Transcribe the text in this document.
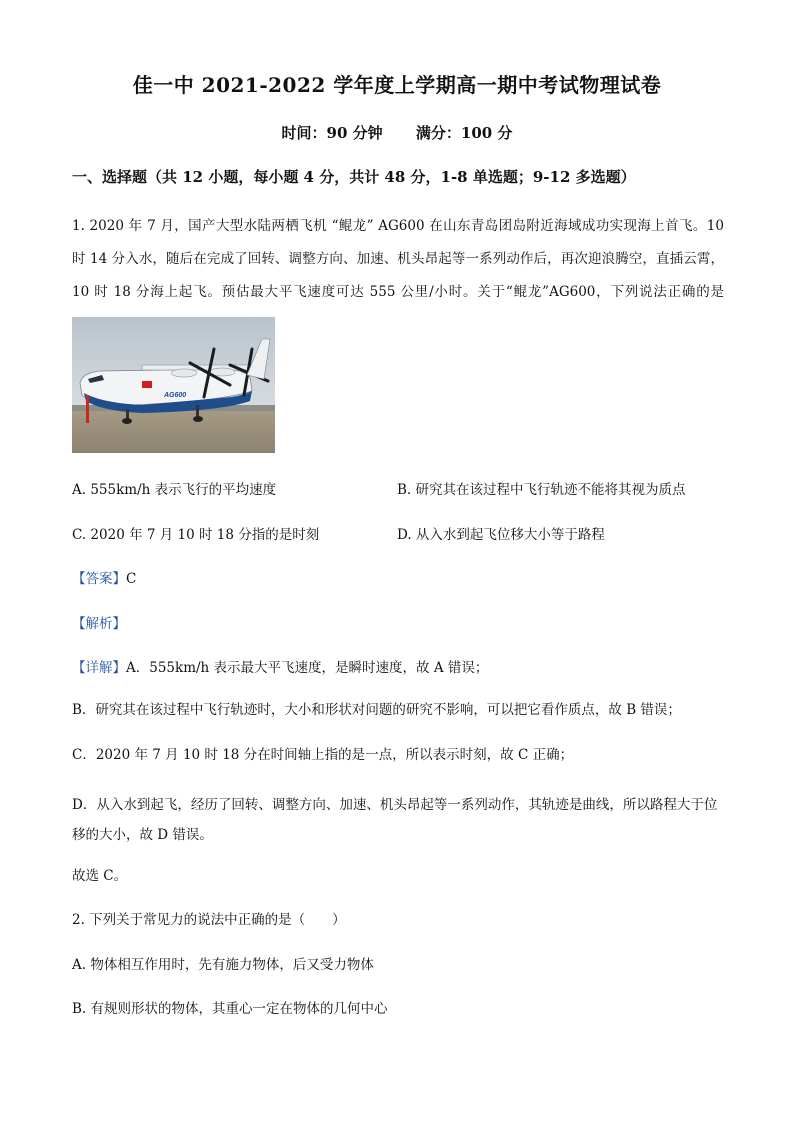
佳一中 2021-2022 学年度上学期高一期中考试物理试卷
时间：90 分钟 满分：100 分
一、选择题（共 12 小题，每小题 4 分，共计 48 分，1-8 单选题；9-12 多选题）
1. 2020 年 7 月，国产大型水陆两栖飞机 “鲲龙” AG600 在山东青岛团岛附近海域成功实现海上首飞。10 时 14 分入水，随后在完成了回转、调整方向、加速、机头昂起等一系列动作后，再次迎浪腾空，直插云霄，10 时 18 分海上起飞。预估最大平飞速度可达 555 公里/小时。关于“鲲龙”AG600，下列说法正确的是　　
AG600
A. 555km/h 表示飞行的平均速度	B. 研究其在该过程中飞行轨迹不能将其视为质点
C. 2020 年 7 月 10 时 18 分指的是时刻	D. 从入水到起飞位移大小等于路程
【答案】C
【解析】
【详解】A．555km/h 表示最大平飞速度，是瞬时速度，故 A 错误；
B．研究其在该过程中飞行轨迹时，大小和形状对问题的研究不影响，可以把它看作质点，故 B 错误；
C．2020 年 7 月 10 时 18 分在时间轴上指的是一点，所以表示时刻，故 C 正确；
D．从入水到起飞，经历了回转、调整方向、加速、机头昂起等一系列动作，其轨迹是曲线，所以路程大于位移的大小，故 D 错误。
故选 C。
2. 下列关于常见力的说法中正确的是（　　）
A. 物体相互作用时，先有施力物体，后又受力物体
B. 有规则形状的物体，其重心一定在物体的几何中心
